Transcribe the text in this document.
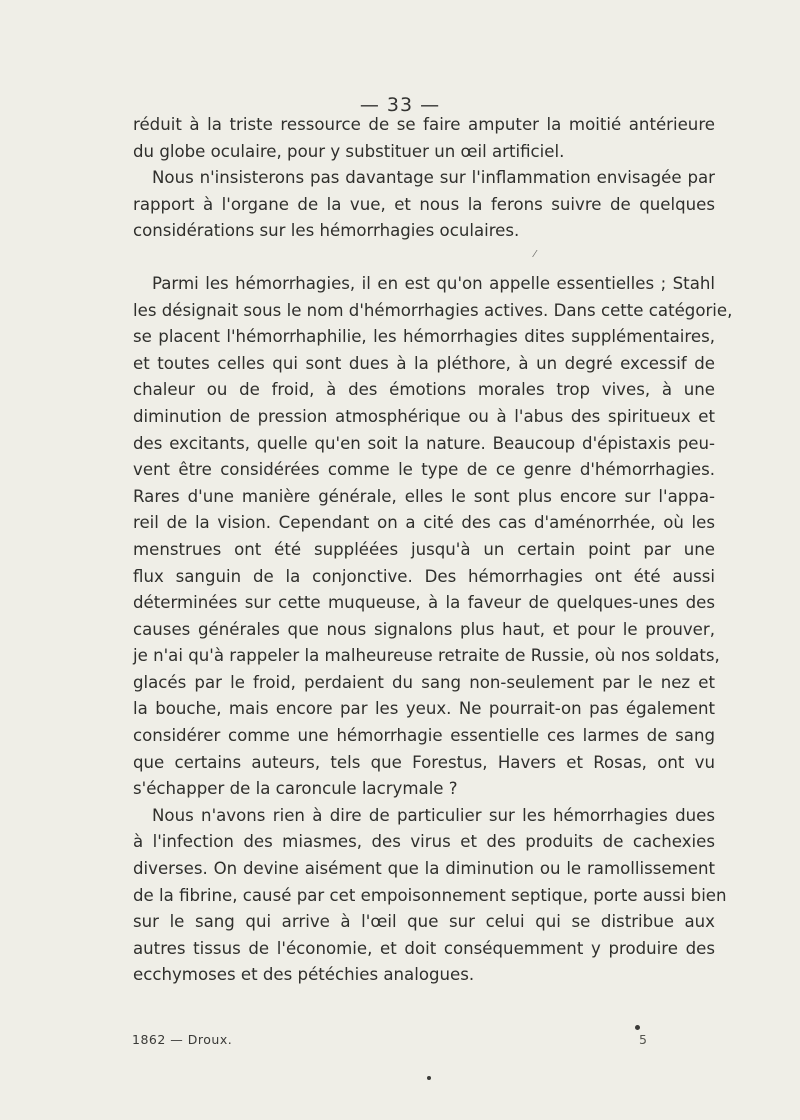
— 33 —
⁄
réduit à la triste ressource de se faire amputer la moitié antérieure
du globe oculaire, pour y substituer un œil artificiel.
Nous n'insisterons pas davantage sur l'inflammation envisagée par
rapport à l'organe de la vue, et nous la ferons suivre de quelques
considérations sur les hémorrhagies oculaires.
Parmi les hémorrhagies, il en est qu'on appelle essentielles ; Stahl
les désignait sous le nom d'hémorrhagies actives. Dans cette catégorie,
se placent l'hémorrhaphilie, les hémorrhagies dites supplémentaires,
et toutes celles qui sont dues à la pléthore, à un degré excessif de
chaleur ou de froid, à des émotions morales trop vives, à une
diminution de pression atmosphérique ou à l'abus des spiritueux et
des excitants, quelle qu'en soit la nature. Beaucoup d'épistaxis peu-
vent être considérées comme le type de ce genre d'hémorrhagies.
Rares d'une manière générale, elles le sont plus encore sur l'appa-
reil de la vision. Cependant on a cité des cas d'aménorrhée, où les
menstrues ont été suppléées jusqu'à un certain point par une
flux sanguin de la conjonctive. Des hémorrhagies ont été aussi
déterminées sur cette muqueuse, à la faveur de quelques-unes des
causes générales que nous signalons plus haut, et pour le prouver,
je n'ai qu'à rappeler la malheureuse retraite de Russie, où nos soldats,
glacés par le froid, perdaient du sang non-seulement par le nez et
la bouche, mais encore par les yeux. Ne pourrait-on pas également
considérer comme une hémorrhagie essentielle ces larmes de sang
que certains auteurs, tels que Forestus, Havers et Rosas, ont vu
s'échapper de la caroncule lacrymale ?
Nous n'avons rien à dire de particulier sur les hémorrhagies dues
à l'infection des miasmes, des virus et des produits de cachexies
diverses. On devine aisément que la diminution ou le ramollissement
de la fibrine, causé par cet empoisonnement septique, porte aussi bien
sur le sang qui arrive à l'œil que sur celui qui se distribue aux
autres tissus de l'économie, et doit conséquemment y produire des
ecchymoses et des pétéchies analogues.
1862 — Droux.	5
